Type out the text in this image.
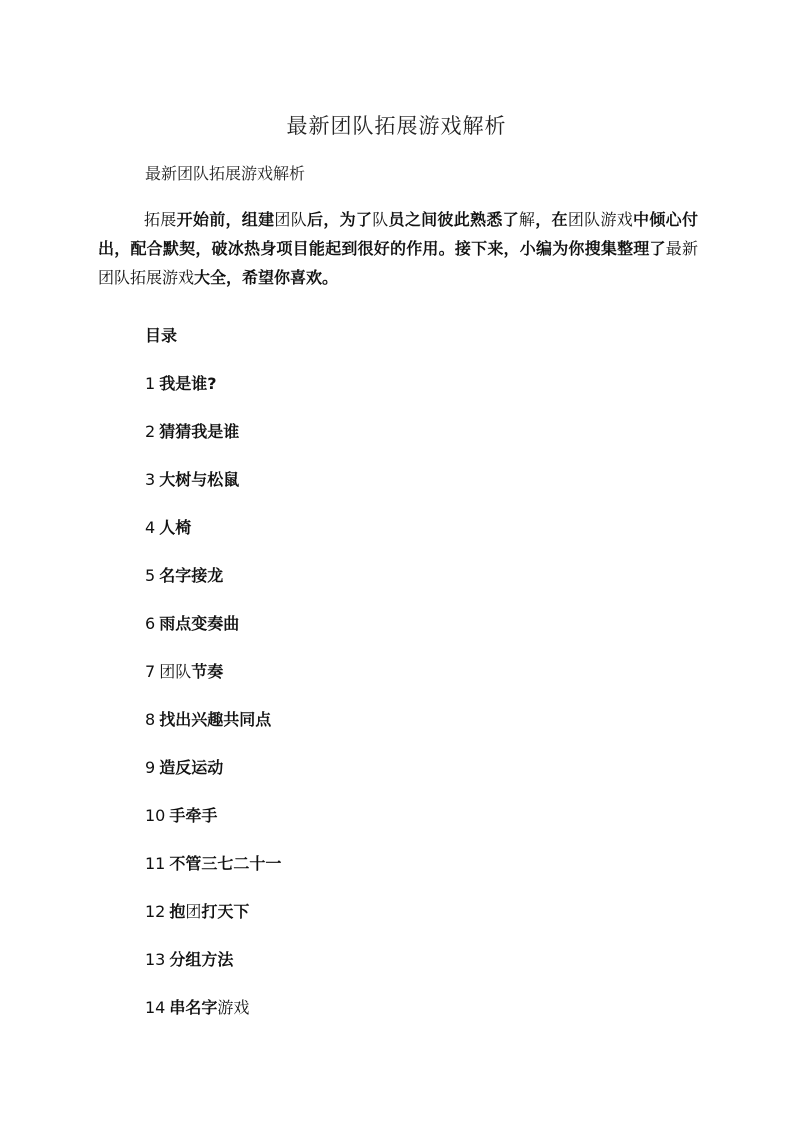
最新团队拓展游戏解析
最新团队拓展游戏解析

拓展开始前，组建团队后，为了队员之间彼此熟悉了解，在团队游戏中倾心付出，配合默契，破冰热身项目能起到很好的作用。接下来，小编为你搜集整理了最新团队拓展游戏大全，希望你喜欢。

目录
1 我是谁?
2 猜猜我是谁
3 大树与松鼠
4 人椅
5 名字接龙
6 雨点变奏曲
7 团队节奏
8 找出兴趣共同点
9 造反运动
10 手牵手
11 不管三七二十一
12 抱团打天下
13 分组方法
14 串名字游戏
